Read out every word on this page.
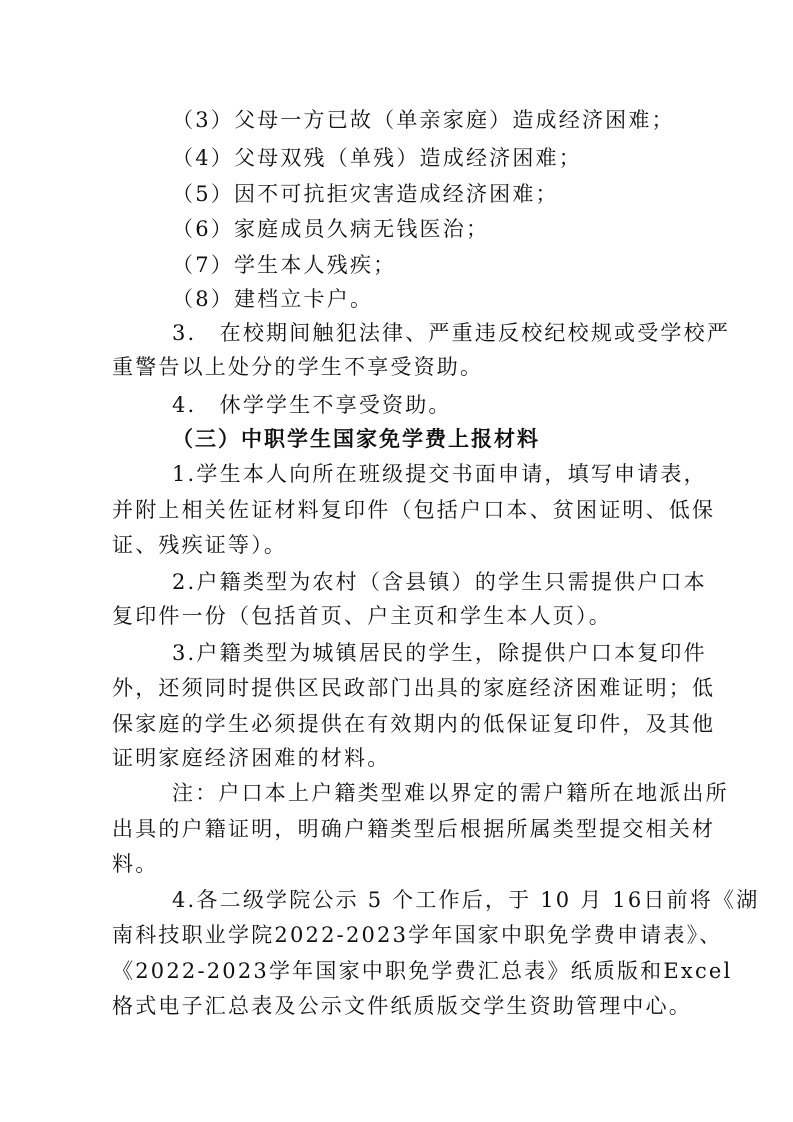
（3）父母一方已故（单亲家庭）造成经济困难；
（4）父母双残（单残）造成经济困难；
（5）因不可抗拒灾害造成经济困难；
（6）家庭成员久病无钱医治；
（7）学生本人残疾；
（8）建档立卡户。
3.　在校期间触犯法律、严重违反校纪校规或受学校严
重警告以上处分的学生不享受资助。
4.　休学学生不享受资助。
（三）中职学生国家免学费上报材料
1.学生本人向所在班级提交书面申请，填写申请表，
并附上相关佐证材料复印件（包括户口本、贫困证明、低保
证、残疾证等）。
2.户籍类型为农村（含县镇）的学生只需提供户口本
复印件一份（包括首页、户主页和学生本人页）。
3.户籍类型为城镇居民的学生，除提供户口本复印件
外，还须同时提供区民政部门出具的家庭经济困难证明；低
保家庭的学生必须提供在有效期内的低保证复印件，及其他
证明家庭经济困难的材料。
注：户口本上户籍类型难以界定的需户籍所在地派出所
出具的户籍证明，明确户籍类型后根据所属类型提交相关材
料。
4.各二级学院公示 5 个工作后，于 10 月 16日前将《湖
南科技职业学院2022-2023学年国家中职免学费申请表》、
《2022-2023学年国家中职免学费汇总表》纸质版和Excel
格式电子汇总表及公示文件纸质版交学生资助管理中心。
